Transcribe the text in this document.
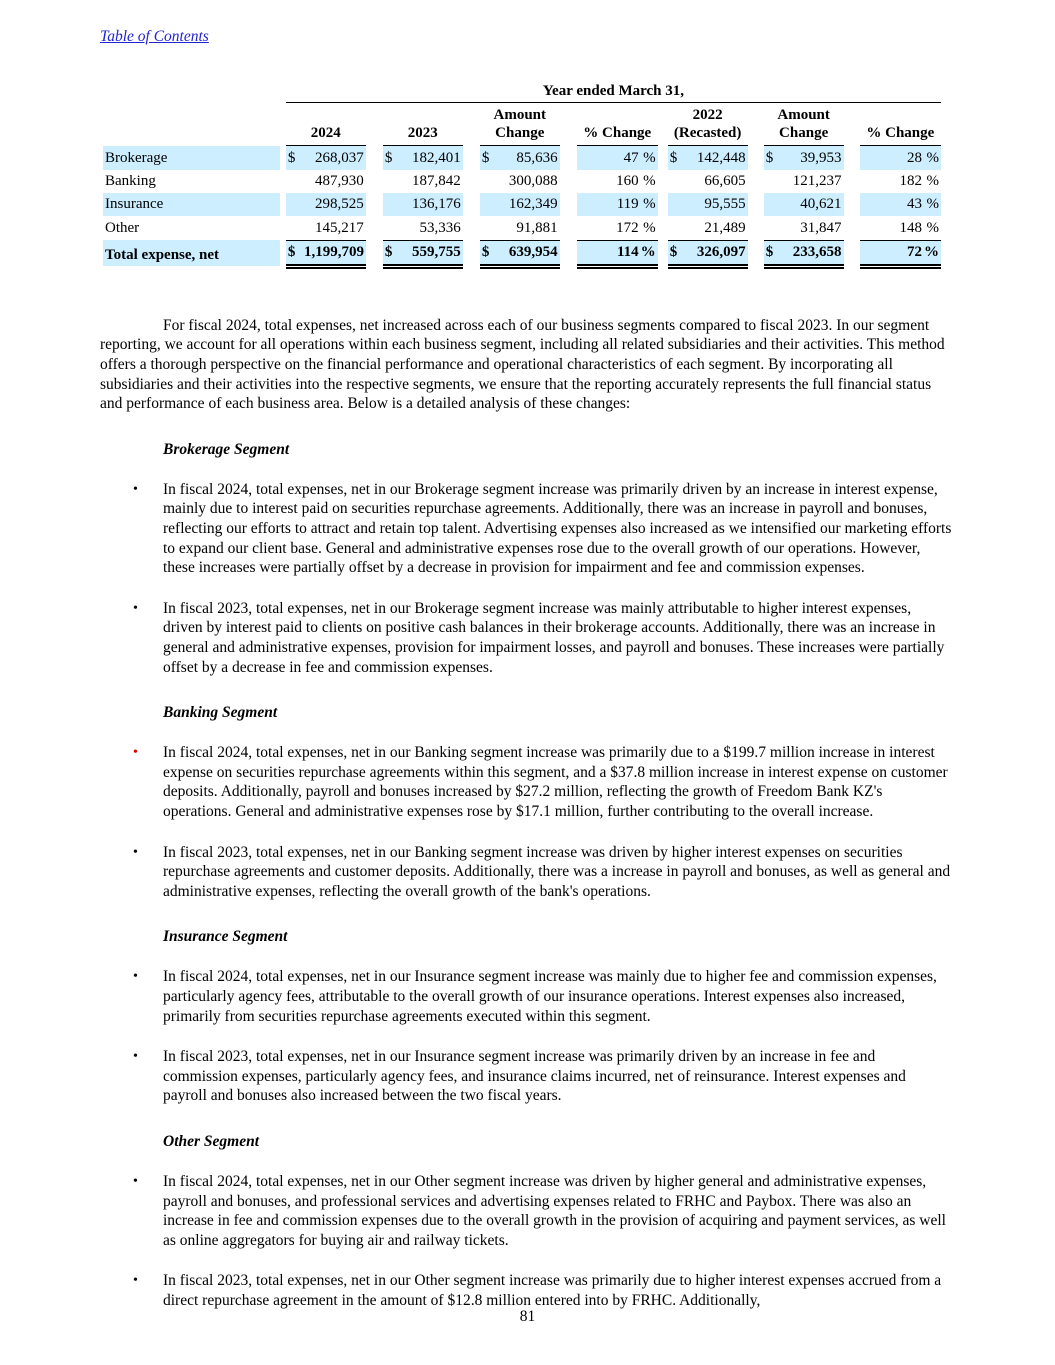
Table of Contents
		Year ended March 31,																	
		2024			2023			Amount Change			% Change		2022 (Recasted)			Amount Change			% Change
Brokerage		$	268,037		$	182,401		$	85,636		47 %		$	142,448		$	39,953		28 %
Banking			487,930			187,842			300,088		160 %			66,605			121,237		182 %
Insurance			298,525			136,176			162,349		119 %			95,555			40,621		43 %
Other			145,217			53,336			91,881		172 %			21,489			31,847		148 %
Total expense, net		$	1,199,709		$	559,755		$	639,954		114 %		$	326,097		$	233,658		72 %
For fiscal 2024, total expenses, net increased across each of our business segments compared to fiscal 2023. In our segment reporting, we account for all operations within each business segment, including all related subsidiaries and their activities. This method offers a thorough perspective on the financial performance and operational characteristics of each segment. By incorporating all subsidiaries and their activities into the respective segments, we ensure that the reporting accurately represents the full financial status and performance of each business area. Below is a detailed analysis of these changes:
Brokerage Segment
•	In fiscal 2024, total expenses, net in our Brokerage segment increase was primarily driven by an increase in interest expense, mainly due to interest paid on securities repurchase agreements. Additionally, there was an increase in payroll and bonuses, reflecting our efforts to attract and retain top talent. Advertising expenses also increased as we intensified our marketing efforts to expand our client base. General and administrative expenses rose due to the overall growth of our operations. However, these increases were partially offset by a decrease in provision for impairment and fee and commission expenses.
•	In fiscal 2023, total expenses, net in our Brokerage segment increase was mainly attributable to higher interest expenses, driven by interest paid to clients on positive cash balances in their brokerage accounts. Additionally, there was an increase in general and administrative expenses, provision for impairment losses, and payroll and bonuses. These increases were partially offset by a decrease in fee and commission expenses.
Banking Segment
•	In fiscal 2024, total expenses, net in our Banking segment increase was primarily due to a $199.7 million increase in interest expense on securities repurchase agreements within this segment, and a $37.8 million increase in interest expense on customer deposits. Additionally, payroll and bonuses increased by $27.2 million, reflecting the growth of Freedom Bank KZ's operations. General and administrative expenses rose by $17.1 million, further contributing to the overall increase.
•	In fiscal 2023, total expenses, net in our Banking segment increase was driven by higher interest expenses on securities repurchase agreements and customer deposits. Additionally, there was a increase in payroll and bonuses, as well as general and administrative expenses, reflecting the overall growth of the bank's operations.
Insurance Segment
•	In fiscal 2024, total expenses, net in our Insurance segment increase was mainly due to higher fee and commission expenses, particularly agency fees, attributable to the overall growth of our insurance operations. Interest expenses also increased, primarily from securities repurchase agreements executed within this segment.
•	In fiscal 2023, total expenses, net in our Insurance segment increase was primarily driven by an increase in fee and commission expenses, particularly agency fees, and insurance claims incurred, net of reinsurance. Interest expenses and payroll and bonuses also increased between the two fiscal years.
Other Segment
•	In fiscal 2024, total expenses, net in our Other segment increase was driven by higher general and administrative expenses, payroll and bonuses, and professional services and advertising expenses related to FRHC and Paybox. There was also an increase in fee and commission expenses due to the overall growth in the provision of acquiring and payment services, as well as online aggregators for buying air and railway tickets.
•	In fiscal 2023, total expenses, net in our Other segment increase was primarily due to higher interest expenses accrued from a direct repurchase agreement in the amount of $12.8 million entered into by FRHC. Additionally,
81
